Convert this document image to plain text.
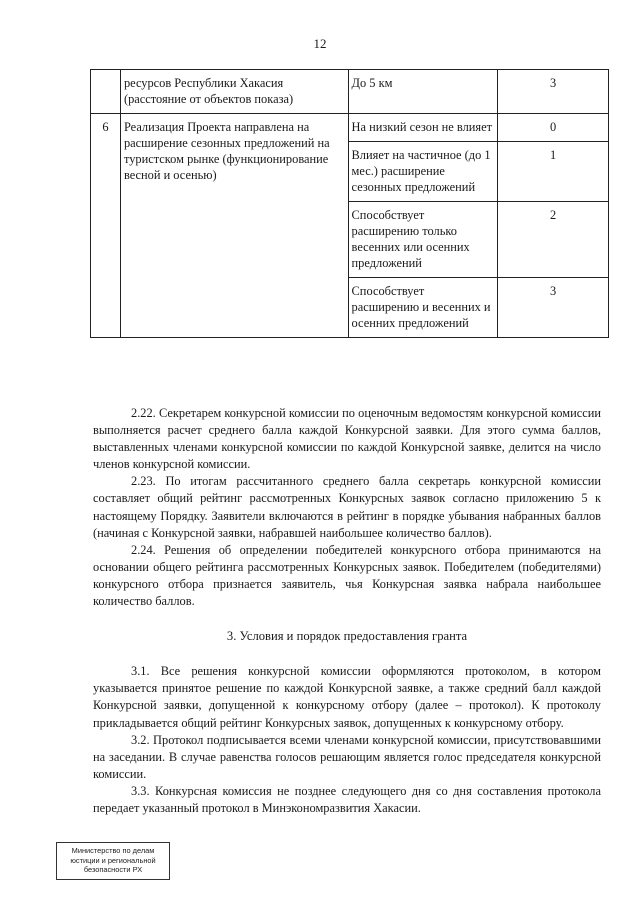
12
	ресурсов Республики Хакасия (расстояние от объектов показа)	До 5 км	3
6	Реализация Проекта направлена на расширение сезонных предложений на туристском рынке (функционирование весной и осенью)	На низкий сезон не влияет	0
		Влияет на частичное (до 1 мес.) расширение сезонных предложений	1
		Способствует расширению только весенних или осенних предложений	2
		Способствует расширению и весенних и осенних предложений	3

2.22. Секретарем конкурсной комиссии по оценочным ведомостям конкурсной комиссии выполняется расчет среднего балла каждой Конкурсной заявки. Для этого сумма баллов, выставленных членами конкурсной комиссии по каждой Конкурсной заявке, делится на число членов конкурсной комиссии.

2.23. По итогам рассчитанного среднего балла секретарь конкурсной комиссии составляет общий рейтинг рассмотренных Конкурсных заявок согласно приложению 5 к настоящему Порядку. Заявители включаются в рейтинг в порядке убывания набранных баллов (начиная с Конкурсной заявки, набравшей наибольшее количество баллов).

2.24. Решения об определении победителей конкурсного отбора принимаются на основании общего рейтинга рассмотренных Конкурсных заявок. Победителем (победителями) конкурсного отбора признается заявитель, чья Конкурсная заявка набрала наибольшее количество баллов.

3. Условия и порядок предоставления гранта

3.1. Все решения конкурсной комиссии оформляются протоколом, в котором указывается принятое решение по каждой Конкурсной заявке, а также средний балл каждой Конкурсной заявки, допущенной к конкурсному отбору (далее – протокол). К протоколу прикладывается общий рейтинг Конкурсных заявок, допущенных к конкурсному отбору.

3.2. Протокол подписывается всеми членами конкурсной комиссии, присутствовавшими на заседании. В случае равенства голосов решающим является голос председателя конкурсной комиссии.

3.3. Конкурсная комиссия не позднее следующего дня со дня составления протокола передает указанный протокол в Минэкономразвития Хакасии.

Министерство по делам
юстиции и региональной
безопасности РХ
